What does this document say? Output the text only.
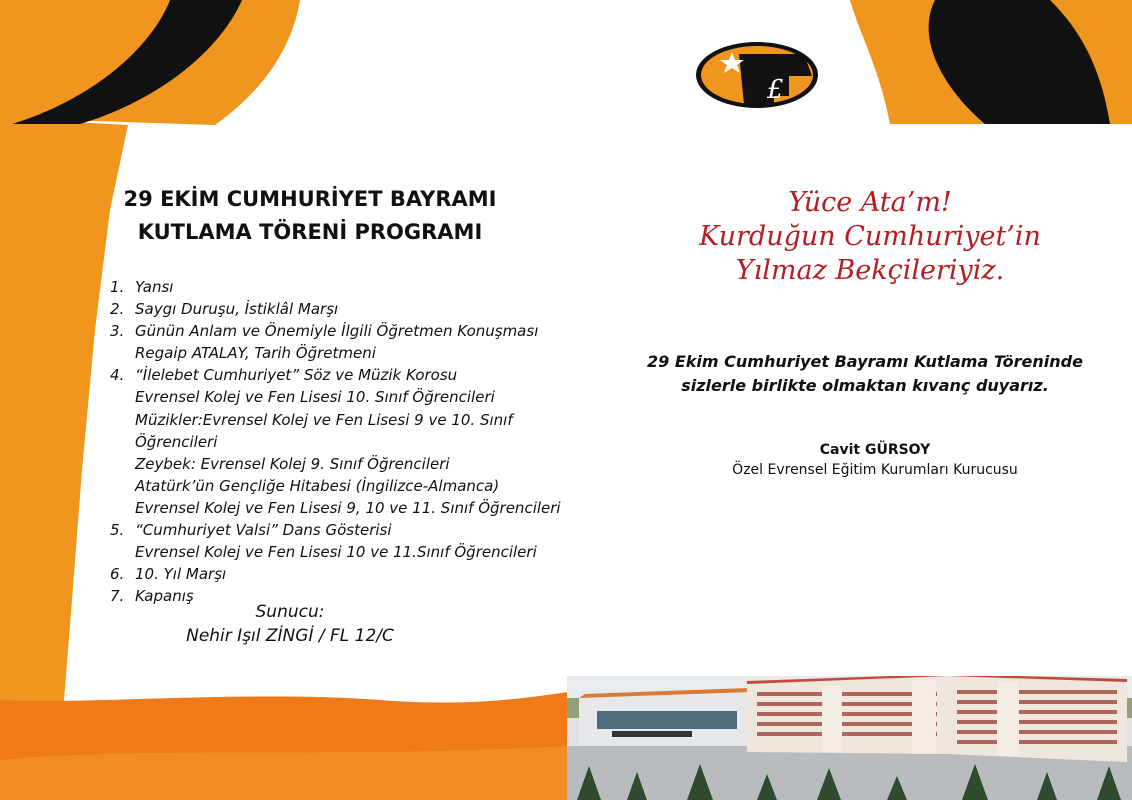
£
29 EKİM CUMHURİYET BAYRAMI
KUTLAMA TÖRENİ PROGRAMI
1. Yansı
2. Saygı Duruşu, İstiklâl Marşı
3. Günün Anlam ve Önemiyle İlgili Öğretmen Konuşması
Regaip ATALAY, Tarih Öğretmeni
4. “İlelebet Cumhuriyet” Söz ve Müzik Korosu
Evrensel Kolej ve Fen Lisesi 10. Sınıf Öğrencileri
Müzikler:Evrensel Kolej ve Fen Lisesi 9 ve 10. Sınıf
Öğrencileri
Zeybek: Evrensel Kolej 9. Sınıf Öğrencileri
Atatürk’ün Gençliğe Hitabesi (İngilizce-Almanca)
Evrensel Kolej ve Fen Lisesi 9, 10 ve 11. Sınıf Öğrencileri
5. “Cumhuriyet Valsi” Dans Gösterisi
Evrensel Kolej ve Fen Lisesi 10 ve 11.Sınıf Öğrencileri
6. 10. Yıl Marşı
7. Kapanış
Sunucu:
Nehir Işıl ZİNGİ / FL 12/C
Yüce Ata’m!
Kurduğun Cumhuriyet’in
Yılmaz Bekçileriyiz.
29 Ekim Cumhuriyet Bayramı Kutlama Töreninde
sizlerle birlikte olmaktan kıvanç duyarız.
Cavit GÜRSOY
Özel Evrensel Eğitim Kurumları Kurucusu
